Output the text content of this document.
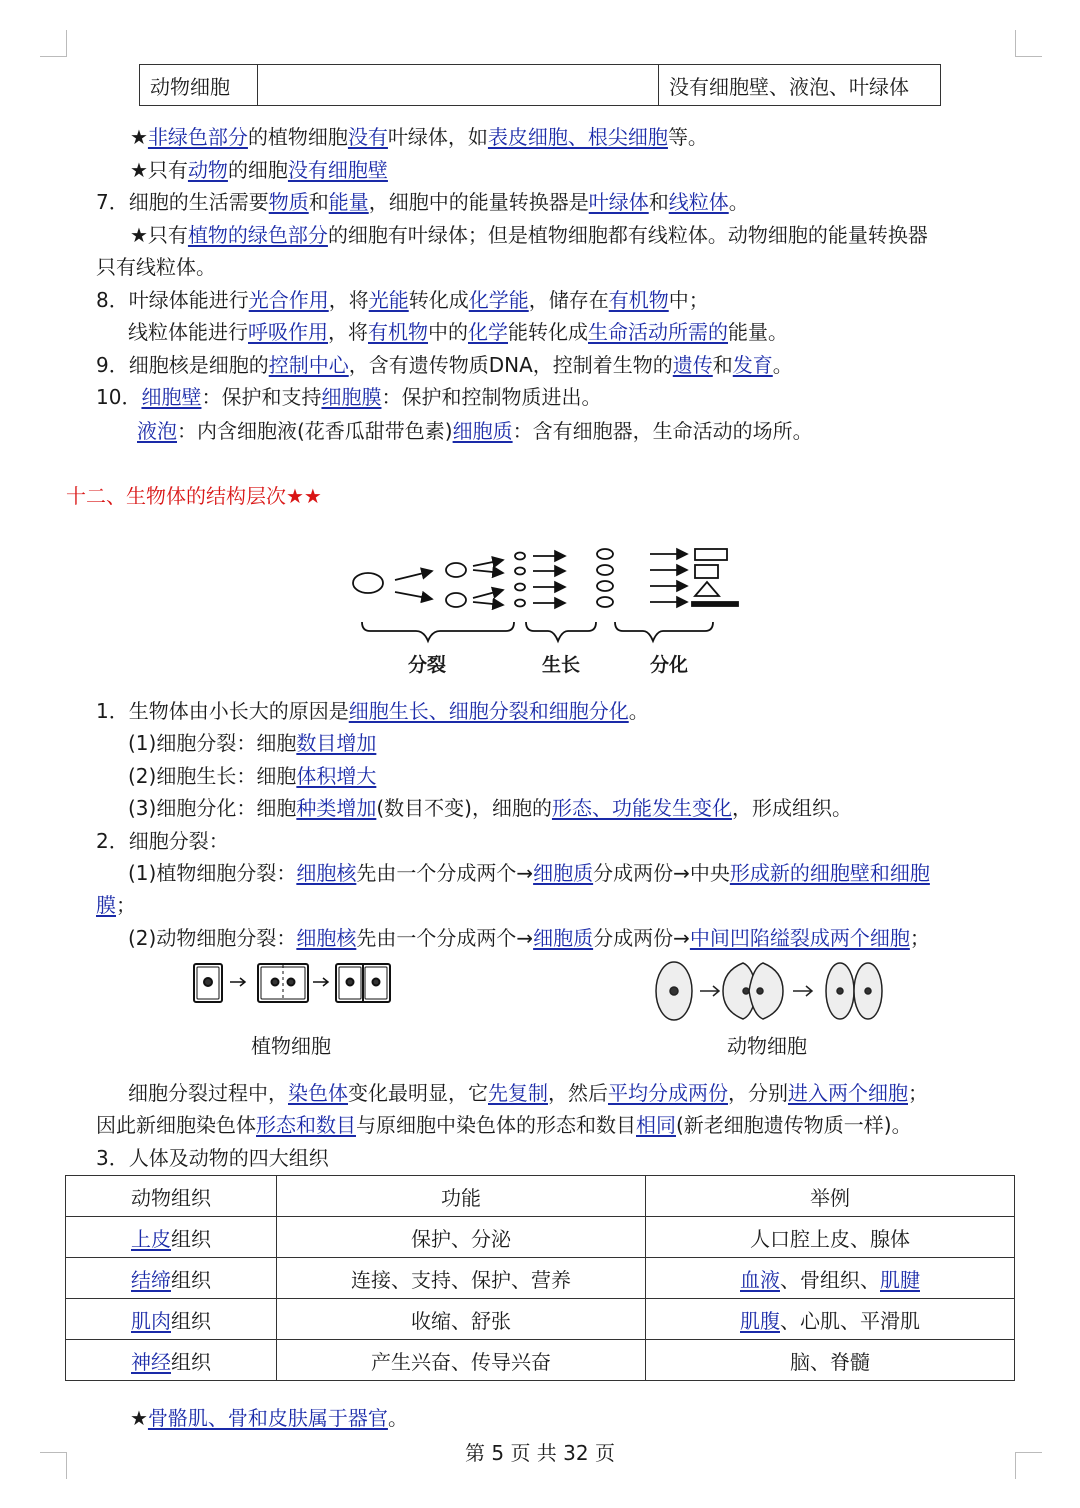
动物细胞		没有细胞壁、液泡、叶绿体
★非绿色部分的植物细胞没有叶绿体，如表皮细胞、根尖细胞等。
★只有动物的细胞没有细胞壁
7．细胞的生活需要物质和能量，细胞中的能量转换器是叶绿体和线粒体。
★只有植物的绿色部分的细胞有叶绿体；但是植物细胞都有线粒体。动物细胞的能量转换器
只有线粒体。
8．叶绿体能进行光合作用，将光能转化成化学能，储存在有机物中；
线粒体能进行呼吸作用，将有机物中的化学能转化成生命活动所需的能量。
9．细胞核是细胞的控制中心，含有遗传物质DNA，控制着生物的遗传和发育。
10．细胞壁：保护和支持细胞膜：保护和控制物质进出。
液泡：内含细胞液(花香瓜甜带色素)细胞质：含有细胞器，生命活动的场所。
十二、生物体的结构层次★★
分裂	生长	分化
1．生物体由小长大的原因是细胞生长、细胞分裂和细胞分化。
(1)细胞分裂：细胞数目增加
(2)细胞生长：细胞体积增大
(3)细胞分化：细胞种类增加(数目不变)，细胞的形态、功能发生变化，形成组织。
2．细胞分裂：
(1)植物细胞分裂：细胞核先由一个分成两个→细胞质分成两份→中央形成新的细胞壁和细胞
膜；
(2)动物细胞分裂：细胞核先由一个分成两个→细胞质分成两份→中间凹陷缢裂成两个细胞；
植物细胞	动物细胞
细胞分裂过程中，染色体变化最明显，它先复制，然后平均分成两份，分别进入两个细胞；
因此新细胞染色体形态和数目与原细胞中染色体的形态和数目相同(新老细胞遗传物质一样)。
3．人体及动物的四大组织
动物组织	功能	举例
上皮组织	保护、分泌	人口腔上皮、腺体
结缔组织	连接、支持、保护、营养	血液、骨组织、肌腱
肌肉组织	收缩、舒张	肌腹、心肌、平滑肌
神经组织	产生兴奋、传导兴奋	脑、脊髓
★骨骼肌、骨和皮肤属于器官。
第 5 页 共 32 页
